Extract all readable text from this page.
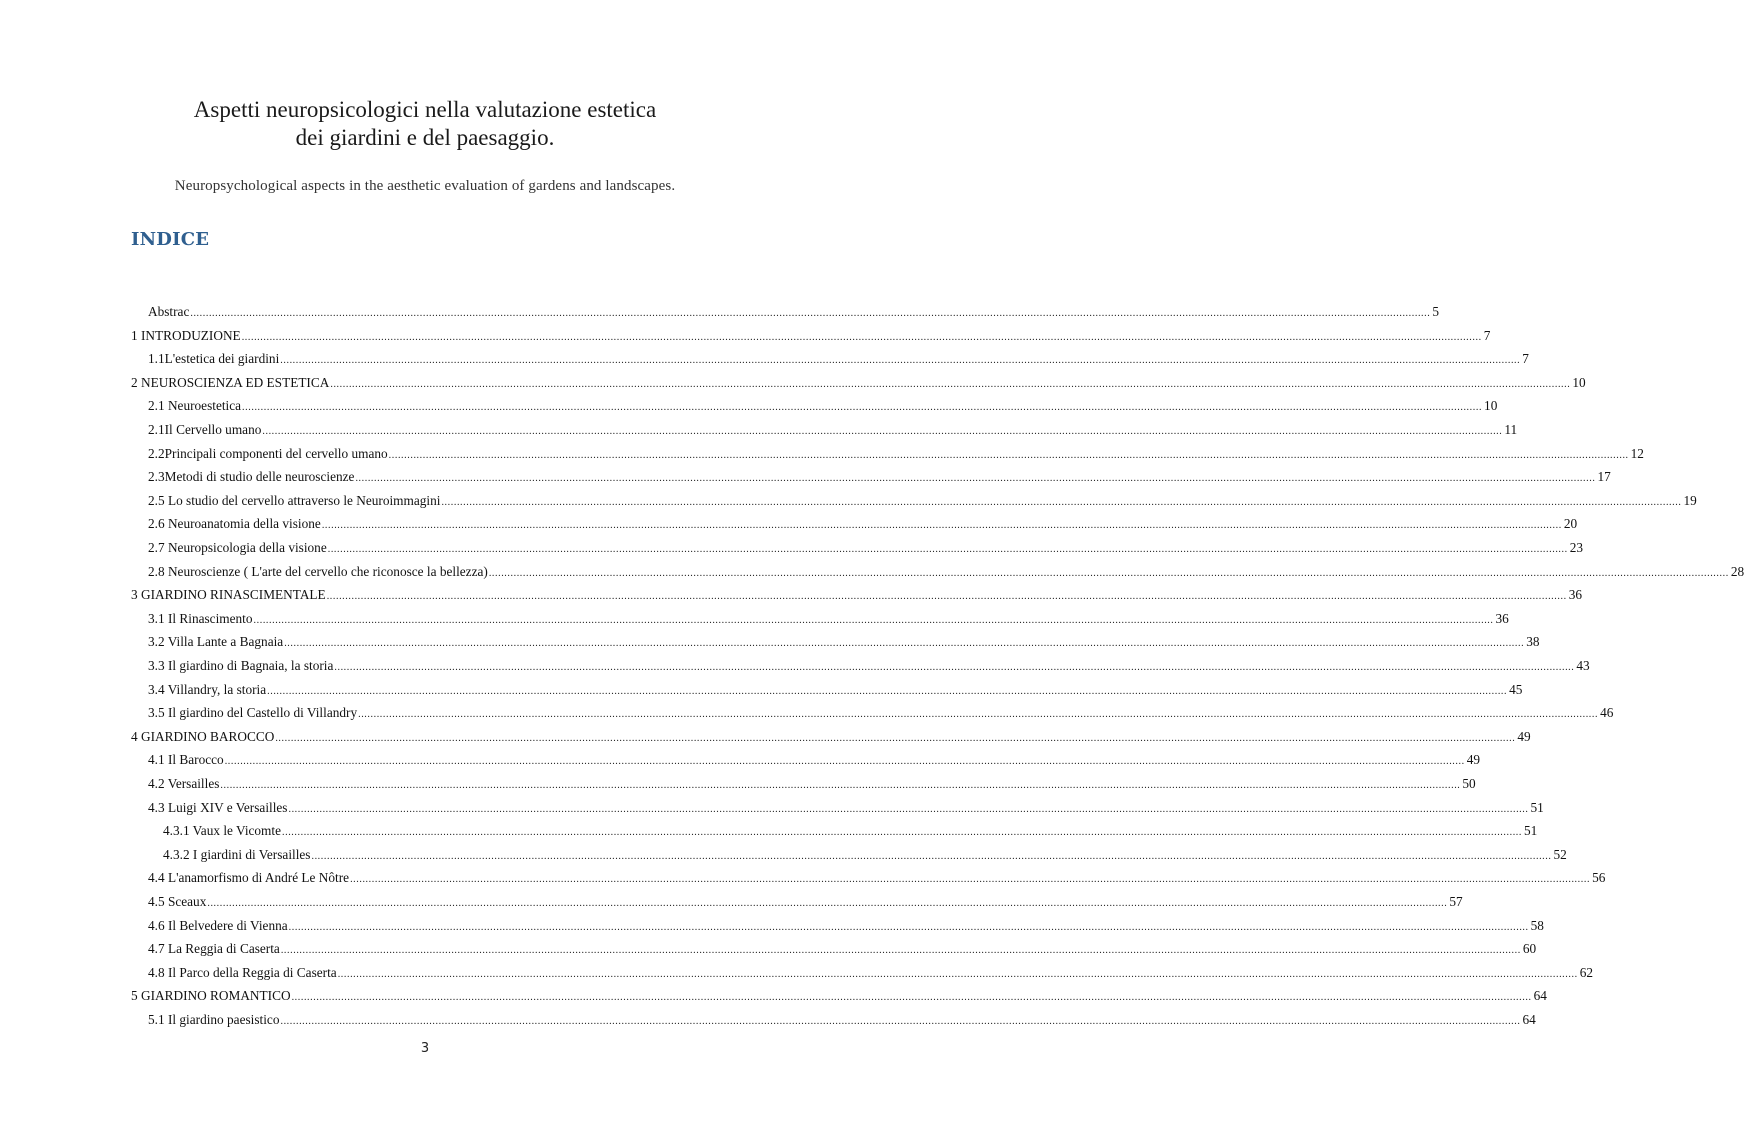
Aspetti neuropsicologici nella valutazione estetica
dei giardini e del paesaggio.
Neuropsychological aspects in the aesthetic evaluation of gardens and landscapes.
INDICE
Abstrac ................................................................................................................................................................................................................................................................................................................................................................................................................ 5
1 INTRODUZIONE ................................................................................................................................................................................................................................................................................................................................................................................................................ 7
1.1 L'estetica dei giardini ................................................................................................................................................................................................................................................................................................................................................................................................................ 7
2 NEUROSCIENZA ED ESTETICA ................................................................................................................................................................................................................................................................................................................................................................................................................ 10
2.1 Neuroestetica ................................................................................................................................................................................................................................................................................................................................................................................................................ 10
2.1 Il Cervello umano ................................................................................................................................................................................................................................................................................................................................................................................................................ 11
2.2 Principali componenti del cervello umano ................................................................................................................................................................................................................................................................................................................................................................................................................ 12
2.3 Metodi di studio delle neuroscienze ................................................................................................................................................................................................................................................................................................................................................................................................................ 17
2.5 Lo studio del cervello attraverso le Neuroimmagini ................................................................................................................................................................................................................................................................................................................................................................................................................ 19
2.6 Neuroanatomia della visione ................................................................................................................................................................................................................................................................................................................................................................................................................ 20
2.7 Neuropsicologia della visione ................................................................................................................................................................................................................................................................................................................................................................................................................ 23
2.8 Neuroscienze ( L'arte del cervello che riconosce la bellezza) ................................................................................................................................................................................................................................................................................................................................................................................................................ 28
3 GIARDINO RINASCIMENTALE ................................................................................................................................................................................................................................................................................................................................................................................................................ 36
3.1 Il Rinascimento ................................................................................................................................................................................................................................................................................................................................................................................................................ 36
3.2 Villa Lante a Bagnaia ................................................................................................................................................................................................................................................................................................................................................................................................................ 38
3.3 Il giardino di Bagnaia, la storia ................................................................................................................................................................................................................................................................................................................................................................................................................ 43
3.4 Villandry, la storia ................................................................................................................................................................................................................................................................................................................................................................................................................ 45
3.5 Il giardino del Castello di Villandry ................................................................................................................................................................................................................................................................................................................................................................................................................ 46
4 GIARDINO BAROCCO ................................................................................................................................................................................................................................................................................................................................................................................................................ 49
4.1 Il Barocco ................................................................................................................................................................................................................................................................................................................................................................................................................ 49
4.2 Versailles ................................................................................................................................................................................................................................................................................................................................................................................................................ 50
4.3 Luigi XIV e Versailles ................................................................................................................................................................................................................................................................................................................................................................................................................ 51
4.3.1 Vaux le Vicomte ................................................................................................................................................................................................................................................................................................................................................................................................................ 51
4.3.2 I giardini di Versailles ................................................................................................................................................................................................................................................................................................................................................................................................................ 52
4.4 L'anamorfismo di André Le Nôtre ................................................................................................................................................................................................................................................................................................................................................................................................................ 56
4.5 Sceaux ................................................................................................................................................................................................................................................................................................................................................................................................................ 57
4.6 Il Belvedere di Vienna ................................................................................................................................................................................................................................................................................................................................................................................................................ 58
4.7 La Reggia di Caserta ................................................................................................................................................................................................................................................................................................................................................................................................................ 60
4.8 Il Parco della Reggia di Caserta ................................................................................................................................................................................................................................................................................................................................................................................................................ 62
5 GIARDINO ROMANTICO ................................................................................................................................................................................................................................................................................................................................................................................................................ 64
5.1 Il giardino paesistico ................................................................................................................................................................................................................................................................................................................................................................................................................ 64
3
